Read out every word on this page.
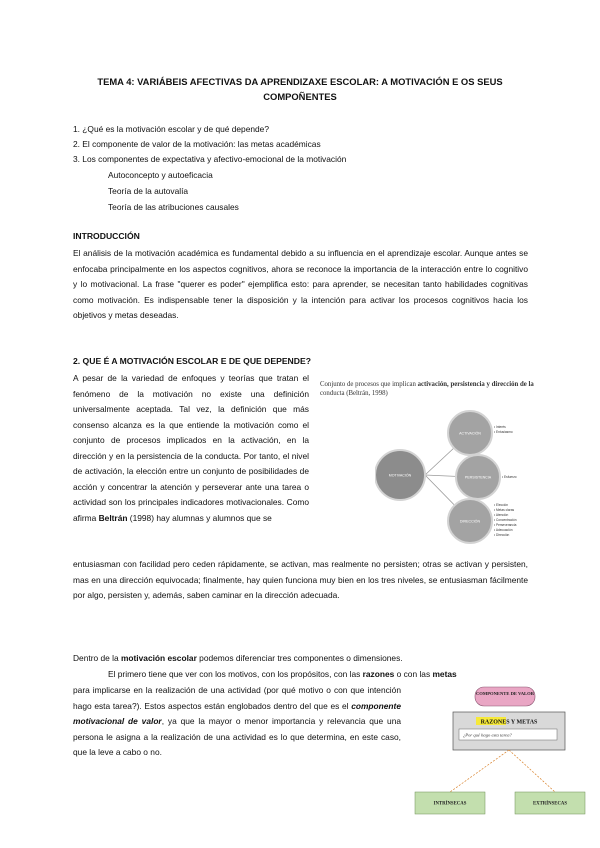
TEMA 4: VARIÁBEIS AFECTIVAS DA APRENDIZAXE ESCOLAR: A MOTIVACIÓN E OS SEUS
COMPOÑENTES
1. ¿Qué es la motivación escolar y de qué depende?
2. El componente de valor de la motivación: las metas académicas
3. Los componentes de expectativa y afectivo-emocional de la motivación
Autoconcepto y autoeficacia
Teoría de la autovalía
Teoría de las atribuciones causales
INTRODUCCIÓN

El análisis de la motivación académica es fundamental debido a su influencia en el aprendizaje escolar. Aunque antes se enfocaba principalmente en los aspectos cognitivos, ahora se reconoce la importancia de la interacción entre lo cognitivo y lo motivacional. La frase "querer es poder" ejemplifica esto: para aprender, se necesitan tanto habilidades cognitivas como motivación. Es indispensable tener la disposición y la intención para activar los procesos cognitivos hacia los objetivos y metas deseadas.

2. QUE É A MOTIVACIÓN ESCOLAR E DE QUE DEPENDE?

A pesar de la variedad de enfoques y teorías que tratan el fenómeno de la motivación no existe una definición universalmente aceptada. Tal vez, la definición que más consenso alcanza es la que entiende la motivación como el conjunto de procesos implicados en la activación, en la dirección y en la persistencia de la conducta. Por tanto, el nivel de activación, la elección entre un conjunto de posibilidades de acción y concentrar la atención y perseverar ante una tarea o actividad son los principales indicadores motivacionales. Como afirma Beltrán (1998) hay alumnas y alumnos que se

entusiasman con facilidad pero ceden rápidamente, se activan, mas realmente no persisten; otras se activan y persisten, mas en una dirección equivocada; finalmente, hay quien funciona muy bien en los tres niveles, se entusiasman fácilmente por algo, persisten y, además, saben caminar en la dirección adecuada.

Conjunto de procesos que implican activación, persistencia y dirección de la
conducta (Beltrán, 1998)
MOTIVACIÓN
ACTIVACIÓN
PERSISTENCIA
DIRECCIÓN
• Interés
• Entusiasmo
• Esfuerzo
• Elección
• Metas claras
• Atención
• Concentración
• Perseverancia
• Adecuación
• Dirección

Dentro de la motivación escolar podemos diferenciar tres componentes o dimensiones.

El primero tiene que ver con los motivos, con los propósitos, con las razones o con las metas

para implicarse en la realización de una actividad (por qué motivo o con que intención hago esta tarea?). Estos aspectos están englobados dentro del que es el componente motivacional de valor, ya que la mayor o menor importancia y relevancia que una persona le asigna a la realización de una actividad es lo que determina, en este caso, que la leve a cabo o no.

COMPONENTE DE VALOR
RAZONES Y METAS
¿Por qué hago esta tarea?
INTRÍNSECAS	EXTRÍNSECAS
